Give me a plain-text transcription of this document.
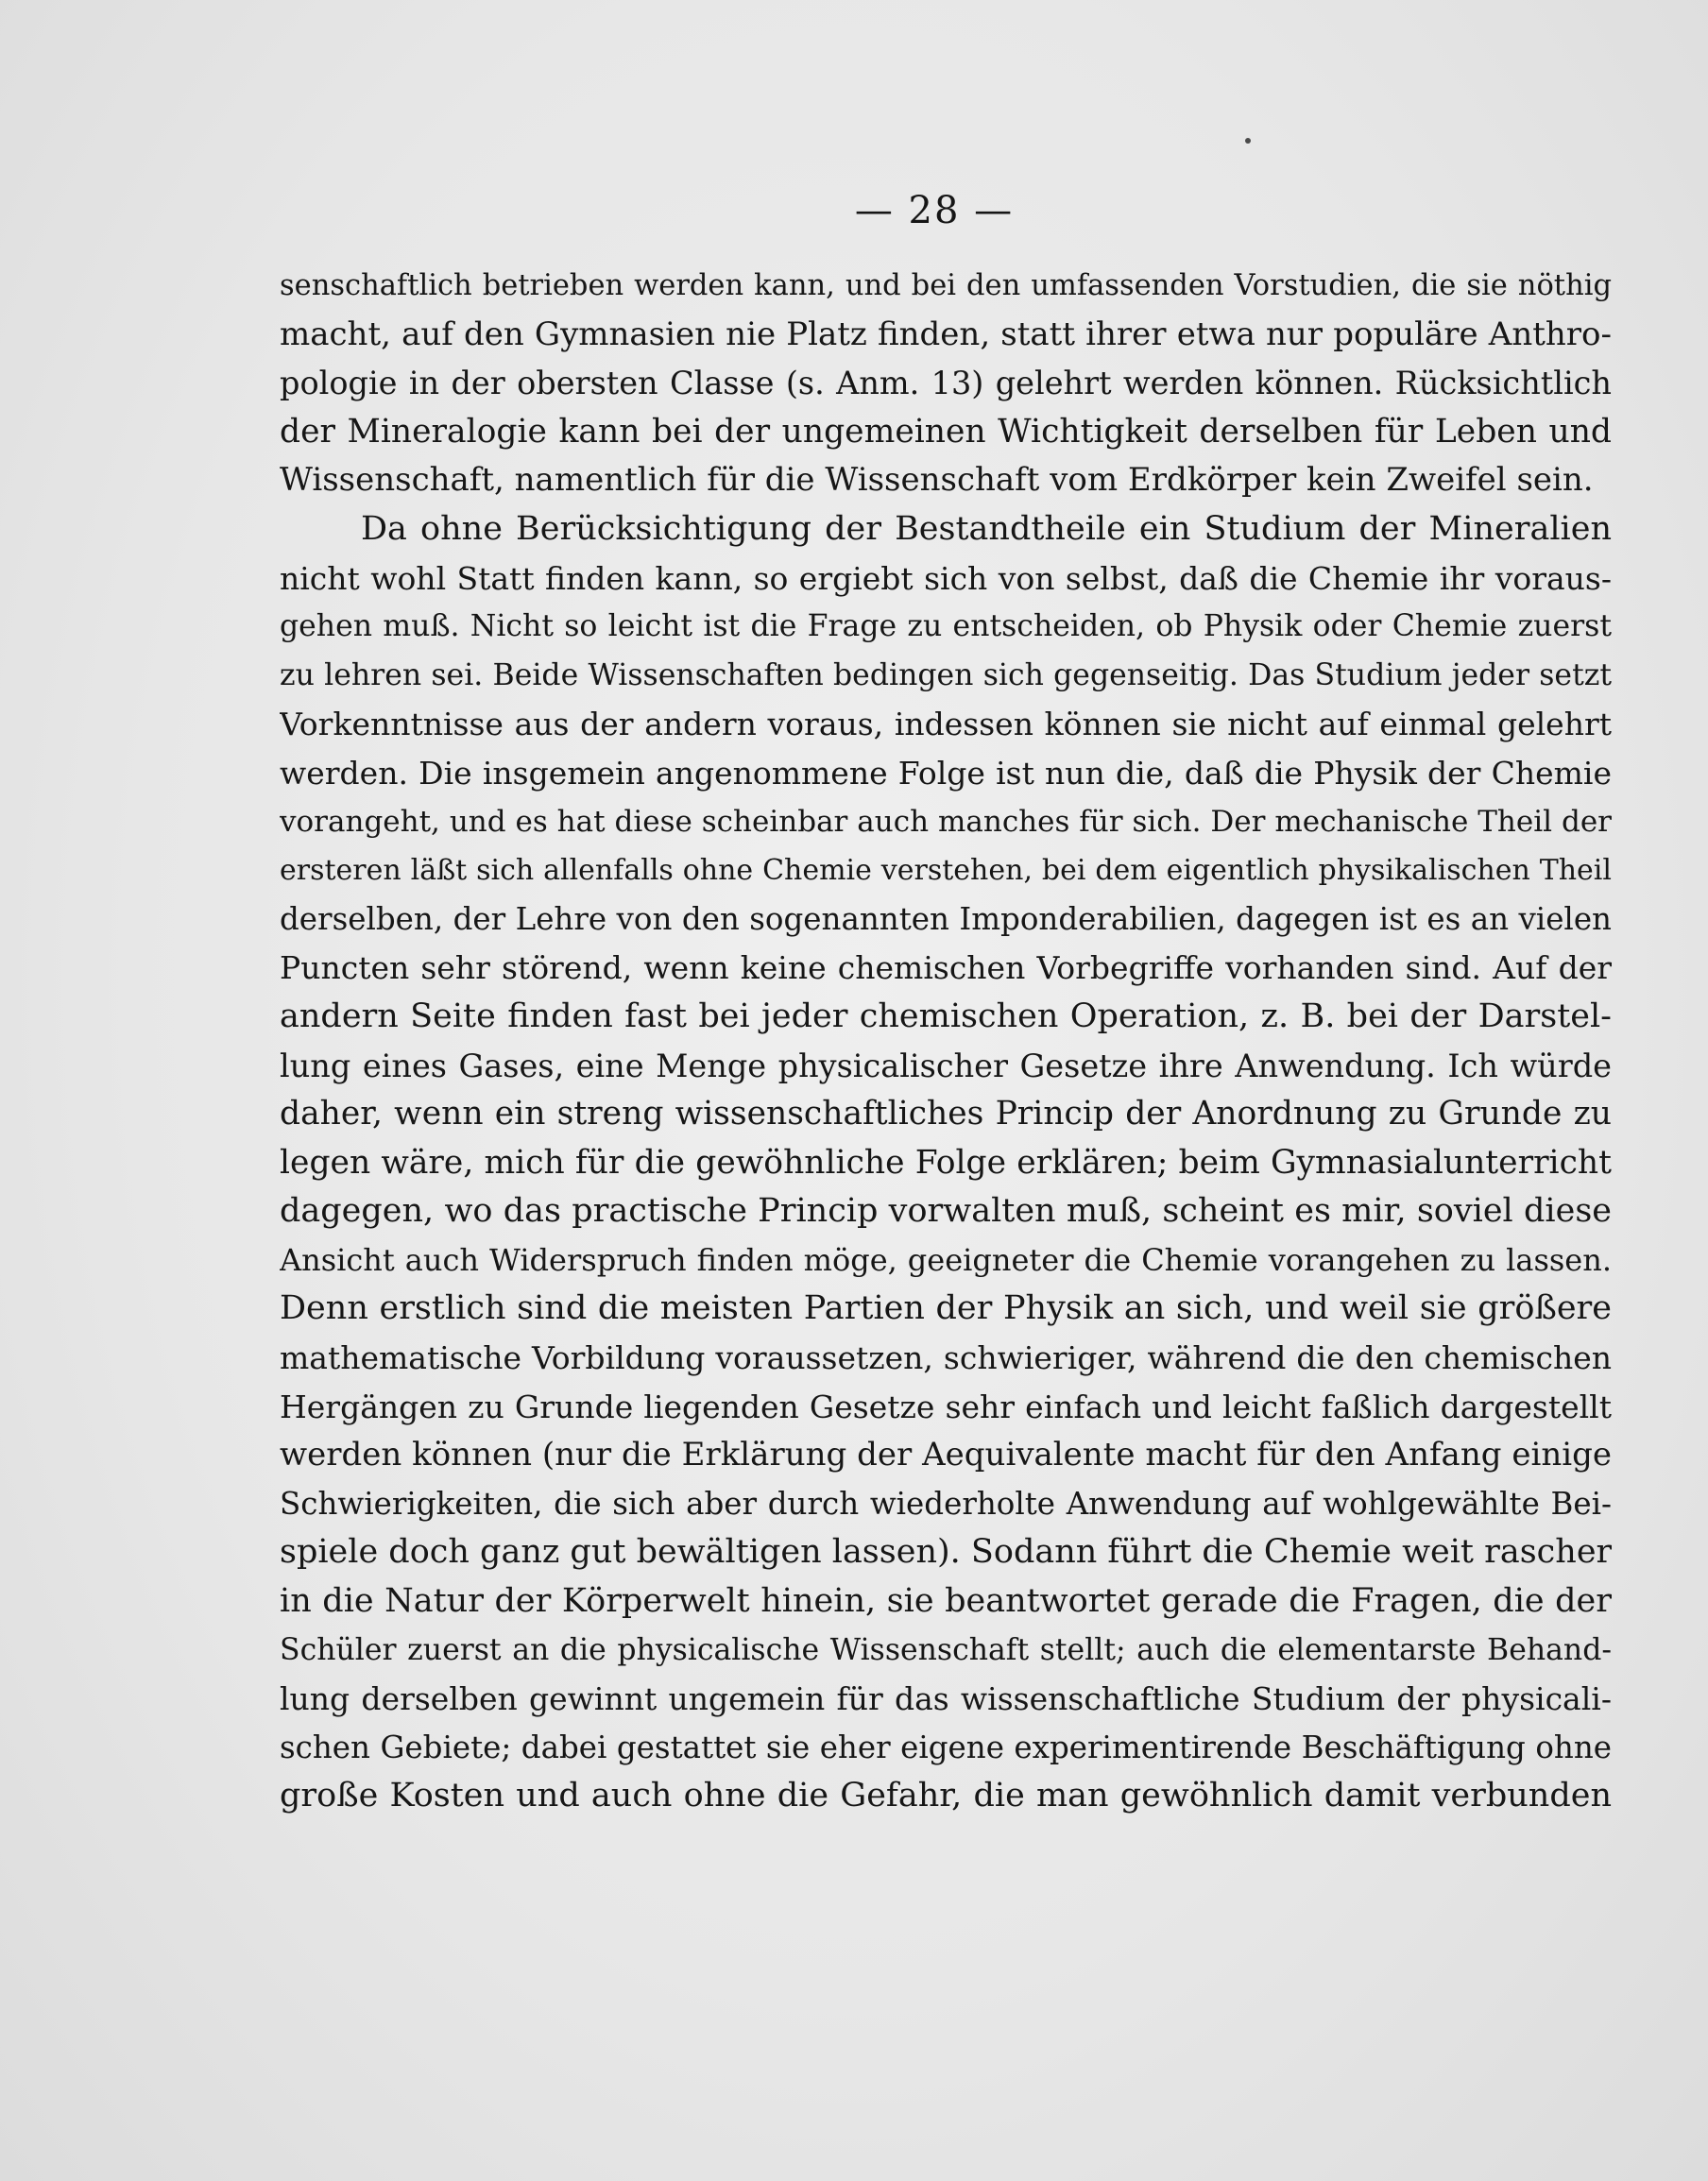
— 28 —
senschaftlich betrieben werden kann, und bei den umfassenden Vorstudien, die sie nöthig
macht, auf den Gymnasien nie Platz finden, statt ihrer etwa nur populäre Anthro-
pologie in der obersten Classe (s. Anm. 13) gelehrt werden können. Rücksichtlich
der Mineralogie kann bei der ungemeinen Wichtigkeit derselben für Leben und
Wissenschaft, namentlich für die Wissenschaft vom Erdkörper kein Zweifel sein.
Da ohne Berücksichtigung der Bestandtheile ein Studium der Mineralien
nicht wohl Statt finden kann, so ergiebt sich von selbst, daß die Chemie ihr voraus-
gehen muß. Nicht so leicht ist die Frage zu entscheiden, ob Physik oder Chemie zuerst
zu lehren sei. Beide Wissenschaften bedingen sich gegenseitig. Das Studium jeder setzt
Vorkenntnisse aus der andern voraus, indessen können sie nicht auf einmal gelehrt
werden. Die insgemein angenommene Folge ist nun die, daß die Physik der Chemie
vorangeht, und es hat diese scheinbar auch manches für sich. Der mechanische Theil der
ersteren läßt sich allenfalls ohne Chemie verstehen, bei dem eigentlich physikalischen Theil
derselben, der Lehre von den sogenannten Imponderabilien, dagegen ist es an vielen
Puncten sehr störend, wenn keine chemischen Vorbegriffe vorhanden sind. Auf der
andern Seite finden fast bei jeder chemischen Operation, z. B. bei der Darstel-
lung eines Gases, eine Menge physicalischer Gesetze ihre Anwendung. Ich würde
daher, wenn ein streng wissenschaftliches Princip der Anordnung zu Grunde zu
legen wäre, mich für die gewöhnliche Folge erklären; beim Gymnasialunterricht
dagegen, wo das practische Princip vorwalten muß, scheint es mir, soviel diese
Ansicht auch Widerspruch finden möge, geeigneter die Chemie vorangehen zu lassen.
Denn erstlich sind die meisten Partien der Physik an sich, und weil sie größere
mathematische Vorbildung voraussetzen, schwieriger, während die den chemischen
Hergängen zu Grunde liegenden Gesetze sehr einfach und leicht faßlich dargestellt
werden können (nur die Erklärung der Aequivalente macht für den Anfang einige
Schwierigkeiten, die sich aber durch wiederholte Anwendung auf wohlgewählte Bei-
spiele doch ganz gut bewältigen lassen). Sodann führt die Chemie weit rascher
in die Natur der Körperwelt hinein, sie beantwortet gerade die Fragen, die der
Schüler zuerst an die physicalische Wissenschaft stellt; auch die elementarste Behand-
lung derselben gewinnt ungemein für das wissenschaftliche Studium der physicali-
schen Gebiete; dabei gestattet sie eher eigene experimentirende Beschäftigung ohne
große Kosten und auch ohne die Gefahr, die man gewöhnlich damit verbunden
